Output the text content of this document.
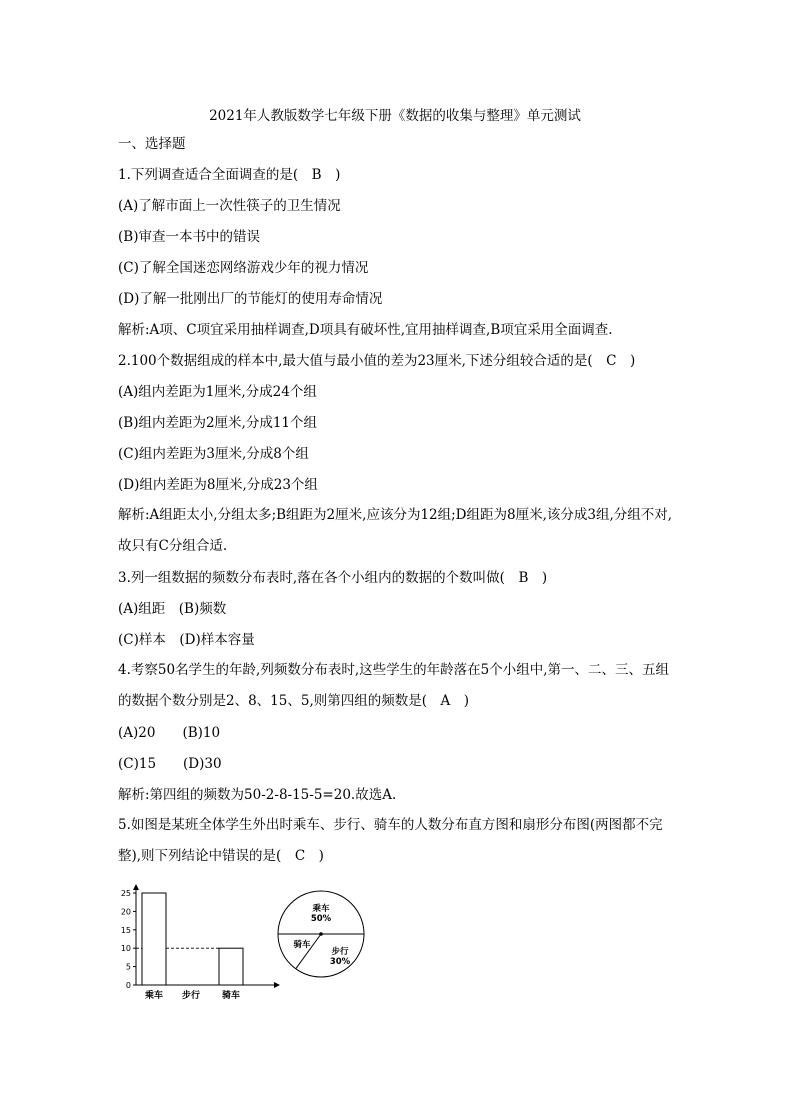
2021年人教版数学七年级下册《数据的收集与整理》单元测试
一、选择题
1.下列调查适合全面调查的是(　B　)
(A)了解市面上一次性筷子的卫生情况
(B)审查一本书中的错误
(C)了解全国迷恋网络游戏少年的视力情况
(D)了解一批刚出厂的节能灯的使用寿命情况
解析:A项、C项宜采用抽样调查,D项具有破坏性,宜用抽样调查,B项宜采用全面调查.
2.100个数据组成的样本中,最大值与最小值的差为23厘米,下述分组较合适的是(　C　)
(A)组内差距为1厘米,分成24个组
(B)组内差距为2厘米,分成11个组
(C)组内差距为3厘米,分成8个组
(D)组内差距为8厘米,分成23个组
解析:A组距太小,分组太多;B组距为2厘米,应该分为12组;D组距为8厘米,该分成3组,分组不对,故只有C分组合适.
3.列一组数据的频数分布表时,落在各个小组内的数据的个数叫做(　B　)
(A)组距　(B)频数
(C)样本　(D)样本容量
4.考察50名学生的年龄,列频数分布表时,这些学生的年龄落在5个小组中,第一、二、三、五组的数据个数分别是2、8、15、5,则第四组的频数是(　A　)
(A)20　　(B)10
(C)15　　(D)30
解析:第四组的频数为50-2-8-15-5=20.故选A.
5.如图是某班全体学生外出时乘车、步行、骑车的人数分布直方图和扇形分布图(两图都不完整),则下列结论中错误的是(　C　)
0
5
10
15
20
25
乘车 步行 骑车
乘车
50%
步行
30%
骑车
